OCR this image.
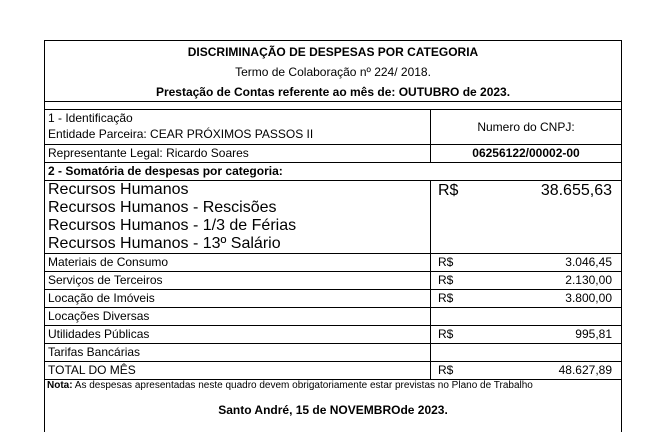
DISCRIMINAÇÃO DE DESPESAS POR CATEGORIA
Termo de Colaboração nº 224/ 2018.
Prestação de Contas referente ao mês de: OUTUBRO de 2023.
1 - Identificação
Entidade Parceira: CEAR PRÓXIMOS PASSOS II	Numero do CNPJ:
Representante Legal: Ricardo Soares	06256122/00002-00
2 - Somatória de despesas por categoria:
Recursos Humanos
Recursos Humanos - Rescisões
Recursos Humanos - 1/3 de Férias
Recursos Humanos - 13º Salário
R$	38.655,63
Materiais de Consumo	R$	3.046,45
Serviços de Terceiros	R$	2.130,00
Locação de Imóveis	R$	3.800,00
Locações Diversas
Utilidades Públicas	R$	995,81
Tarifas Bancárias
TOTAL DO MÊS	R$	48.627,89
Nota: As despesas apresentadas neste quadro devem obrigatoriamente estar previstas no Plano de Trabalho
Santo André, 15 de NOVEMBROde 2023.
